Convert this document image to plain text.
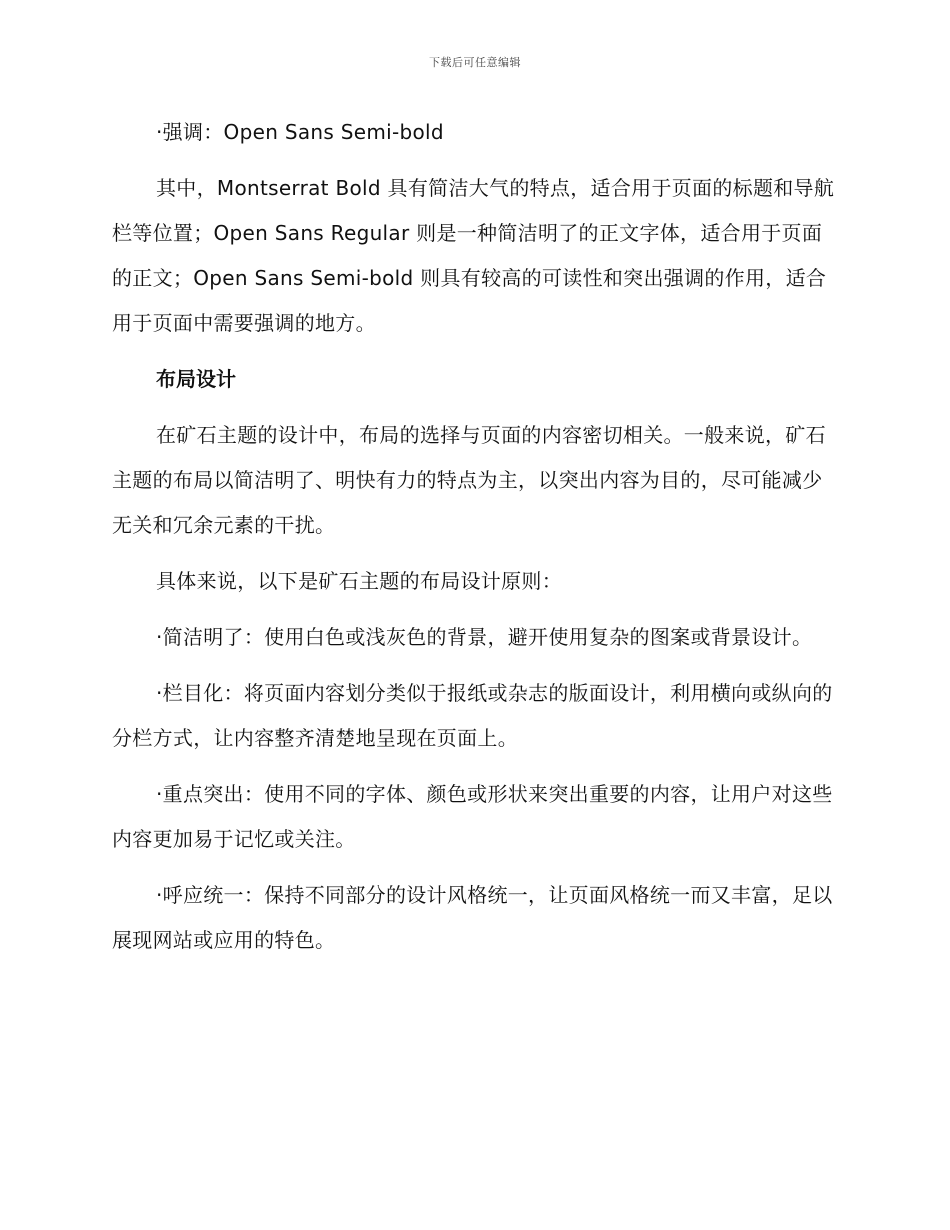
下载后可任意编辑

·强调：Open Sans Semi-bold

其中，Montserrat Bold 具有简洁大气的特点，适合用于页面的标题和导航栏等位置；Open Sans Regular 则是一种简洁明了的正文字体，适合用于页面的正文；Open Sans Semi-bold 则具有较高的可读性和突出强调的作用，适合用于页面中需要强调的地方。

布局设计

在矿石主题的设计中，布局的选择与页面的内容密切相关。一般来说，矿石主题的布局以简洁明了、明快有力的特点为主，以突出内容为目的，尽可能减少无关和冗余元素的干扰。

具体来说，以下是矿石主题的布局设计原则：

·简洁明了：使用白色或浅灰色的背景，避开使用复杂的图案或背景设计。

·栏目化：将页面内容划分类似于报纸或杂志的版面设计，利用横向或纵向的分栏方式，让内容整齐清楚地呈现在页面上。

·重点突出：使用不同的字体、颜色或形状来突出重要的内容，让用户对这些内容更加易于记忆或关注。

·呼应统一：保持不同部分的设计风格统一，让页面风格统一而又丰富，足以展现网站或应用的特色。
